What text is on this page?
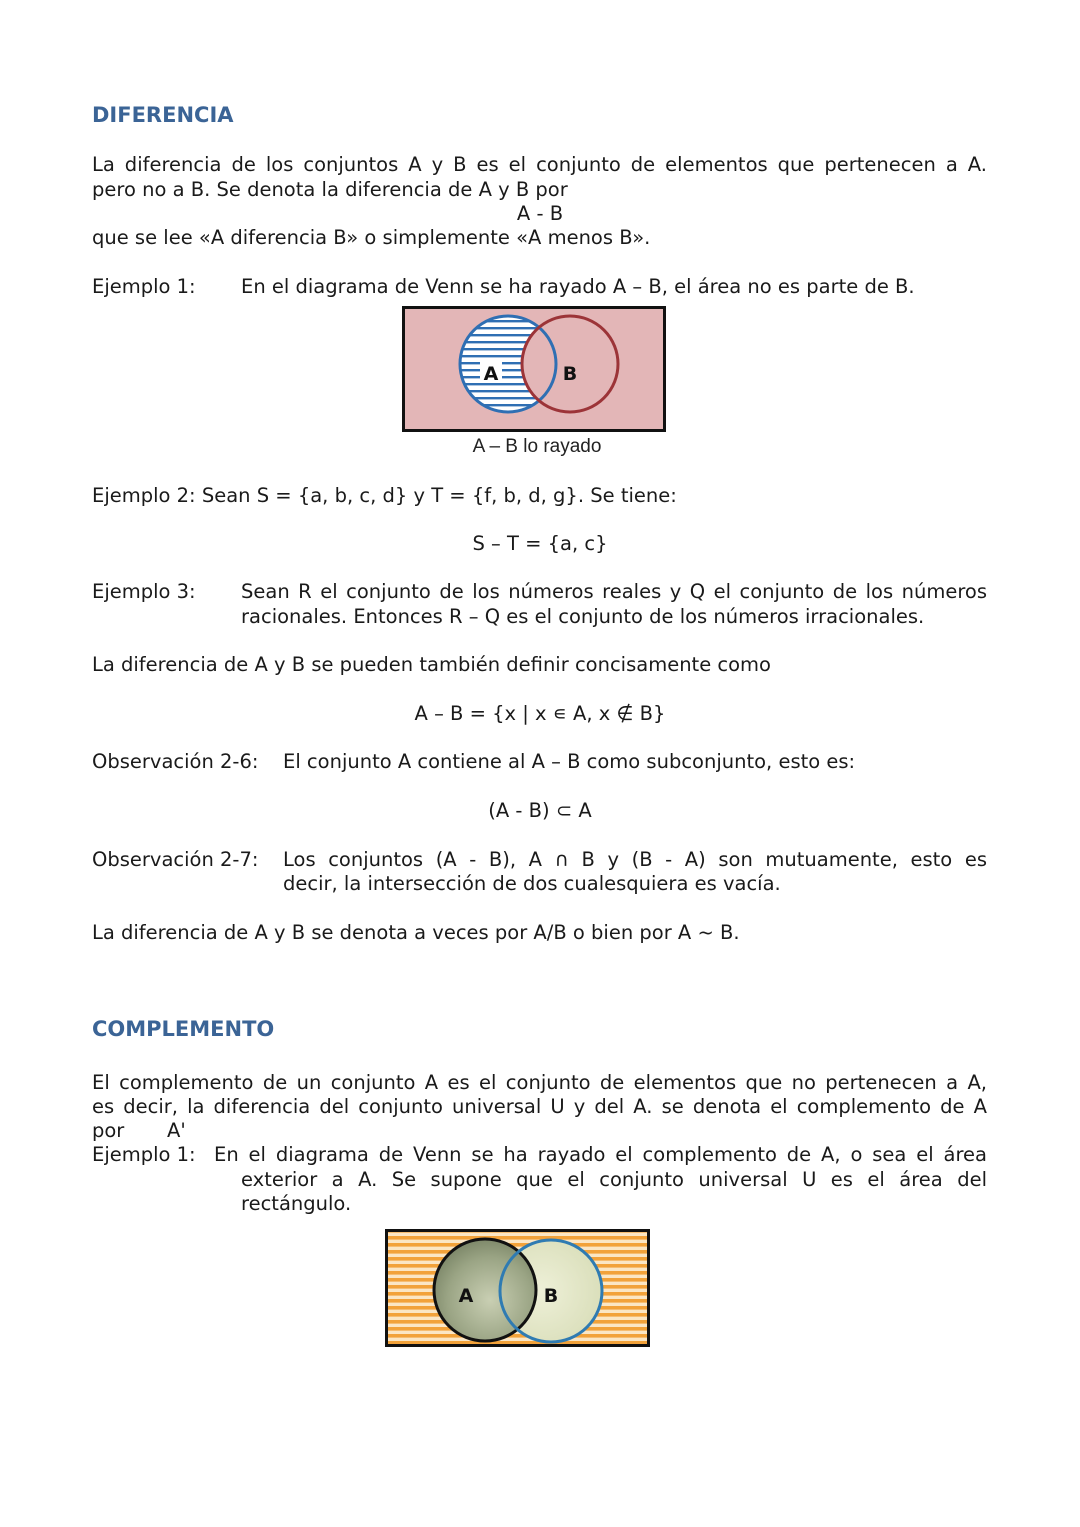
DIFERENCIA
La diferencia de los conjuntos A y B es el conjunto de elementos que pertenecen a A.
pero no a B. Se denota la diferencia de A y B por
A - B
que se lee «A diferencia B» o simplemente «A menos B».
Ejemplo 1: En el diagrama de Venn se ha rayado A – B, el área no es parte de B.
A	B
A – B lo rayado
Ejemplo 2: Sean S = {a, b, c, d} y T = {f, b, d, g}. Se tiene:
S – T = {a, c}
Ejemplo 3: Sean R el conjunto de los números reales y Q el conjunto de los números
racionales. Entonces R – Q es el conjunto de los números irracionales.
La diferencia de A y B se pueden también definir concisamente como
A – B = {x | x ∊ A, x ∉ B}
Observación 2-6: El conjunto A contiene al A – B como subconjunto, esto es:
(A - B) ⊂ A
Observación 2-7: Los conjuntos (A - B), A ∩ B y (B - A) son mutuamente, esto es
decir, la intersección de dos cualesquiera es vacía.
La diferencia de A y B se denota a veces por A/B o bien por A ~ B.
COMPLEMENTO
El complemento de un conjunto A es el conjunto de elementos que no pertenecen a A,
es decir, la diferencia del conjunto universal U y del A. se denota el complemento de A
por A'
Ejemplo 1: En el diagrama de Venn se ha rayado el complemento de A, o sea el área
exterior a A. Se supone que el conjunto universal U es el área del
rectángulo.
A	B
